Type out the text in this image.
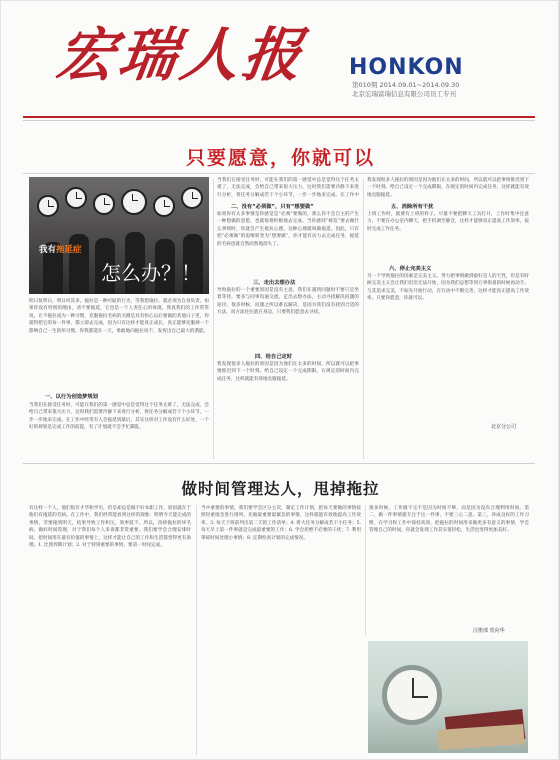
宏瑞人报 HONKON
第010期 2014.09.01~2014.09.30
北京宏瑞富瑞信息有限公司员工专刊
只要愿意，你就可以
我有拖延症
怎么办？！
明日复明日，明日何其多。拖拉是一种可耻的行为，等我想拖拉，就必须为自身负责。如果你没有特别的理由，请不要拖延，它也是一个人责任心的体现。我真我们的工作常常说，让不拖拉成为一种习惯，克服拖拉毛病的关键是具有恒心以后要做的其他日子里，你就得把它的每一件事，都立即去完成，因为只有这样才能真正成长，真正能够克服掉一个影响自己一生的坏习惯，你我都能在一天，勇敢地向拖拉说不，发挥出自己最大的潜能。
一、以行为创造梦规划
当我们在接受任务时，可能在我们的第一感觉中总是觉得这个任务太难了，无法完成，会给自己带来很大压力，这时我们需要冷静下来进行分析，将任务分解成若干个小环节，一步一步地来完成。在工作中经常有人会拖延到最后，其实这样对工作没有什么好处，一个好的规划是完成工作的前提，有了计划就不会手忙脚乱。
当我们在接受任务时，可能在我们的第一感觉中总是觉得这个任务太难了，无法完成，会给自己带来很大压力，这时我们需要冷静下来进行分析，将任务分解成若干个小环节，一步一步地来完成。在工作中
二、没有“必须做”，只有“想要做”
如果你有太多事情是你感觉是“必须”要做的，那么你不会自主的产生一种想做的意愿，也就很难积极地去完成。当你感到“被迫”要去做什么事情时，你就会产生抵抗心理，这种心理就叫做拖延。因此，只有把“必须做”的思维转变为“想要做”，你才能有动力去完成任务，拖延的毛病也就自然而然地消失了。
三、走出去想办法
导致拖拉的一个重要原因是没有主意，我们在遇到问题时不要只是坐着等待，要多与同事沟通交流，走出去想办法，主动寻找解决问题的途径。很多时候，问题之所以难以解决，是因为我们没有找到合适的方法，而方法往往就在身边，只要我们愿意去寻找。
四、给自己定时
我发现很多人拖拉的原因是因为他们在太多的时间，所以就可以把事情推迟到下一个时刻。给自己设定一个完成期限，在规定的时间内完成任务，这样就能有效地克服拖延。
我发现很多人拖拉的原因是因为他们在太多的时间，所以就可以把事情推迟到下一个时刻。给自己设定一个完成期限，在规定的时间内完成任务，这样就能有效地克服拖延。
五、消除所有干扰
上班工作时，就要有上班的样子，尽量不要把聊天工具打开，工作时集中注意力，不要在办公室内聊天，把手机调至静音，这样才能够真正提高工作效率，按时完成工作任务。
六、停止完美主义
另一个导致拖拉的因素是完美主义。努力把事情做到最好是人的天性，但是有时候完美主义会让我们迟迟无法开始，因为我们总想等到万事俱备的时候再动手。与其追求完美，不如先开始行动，在行动中不断完善，这样才能真正提高工作效率。只要你愿意，你就可以。
北京分公司
做时间管理达人，甩掉拖拉
有这样一个人，他们很有才华和学历，但是却总是做不好本职工作，原因就在于他们有拖延的毛病。在工作中，我们经常能看到这样的现象：明明今天能完成的事情，非要拖到明天，结果导致工作积压，效率低下。所以，改掉拖拉的坏毛病，做好时间管理，对于我们每个人来说都非常重要。我们要学会合理安排时间，把时间用在最有价值的事情上，这样才能让自己的工作和生活都变得更有条理。1. 比照周期计划；2. 对于特别重要的事情，要第一时间完成。
当中重要的事情，我们要学会区分主次，制定工作计划，把每天要做的事情按照轻重缓急进行排列，先做最重要最紧急的事情，这样就能有效地提高工作效率。3. 每天下班前列出第二天的工作清单；4. 将大任务分解成若干小任务；5. 每天早上第一件事就是完成最重要的工作；6. 学会拒绝不必要的干扰；7. 利用零碎时间处理小事情；8. 定期检查计划的完成情况。
很多时候，工作做不完不是因为时间不够，而是因为没有合理利用时间。第二，做一件事情就专注于这一件事，不要三心二意。第三，养成良好的工作习惯，在学习和工作中保持高效，把拖拉的时间用来做更多有意义的事情，学会管理自己的时间，你就会发现工作其实很轻松，生活也变得更加美好。
注册部 贺向华
